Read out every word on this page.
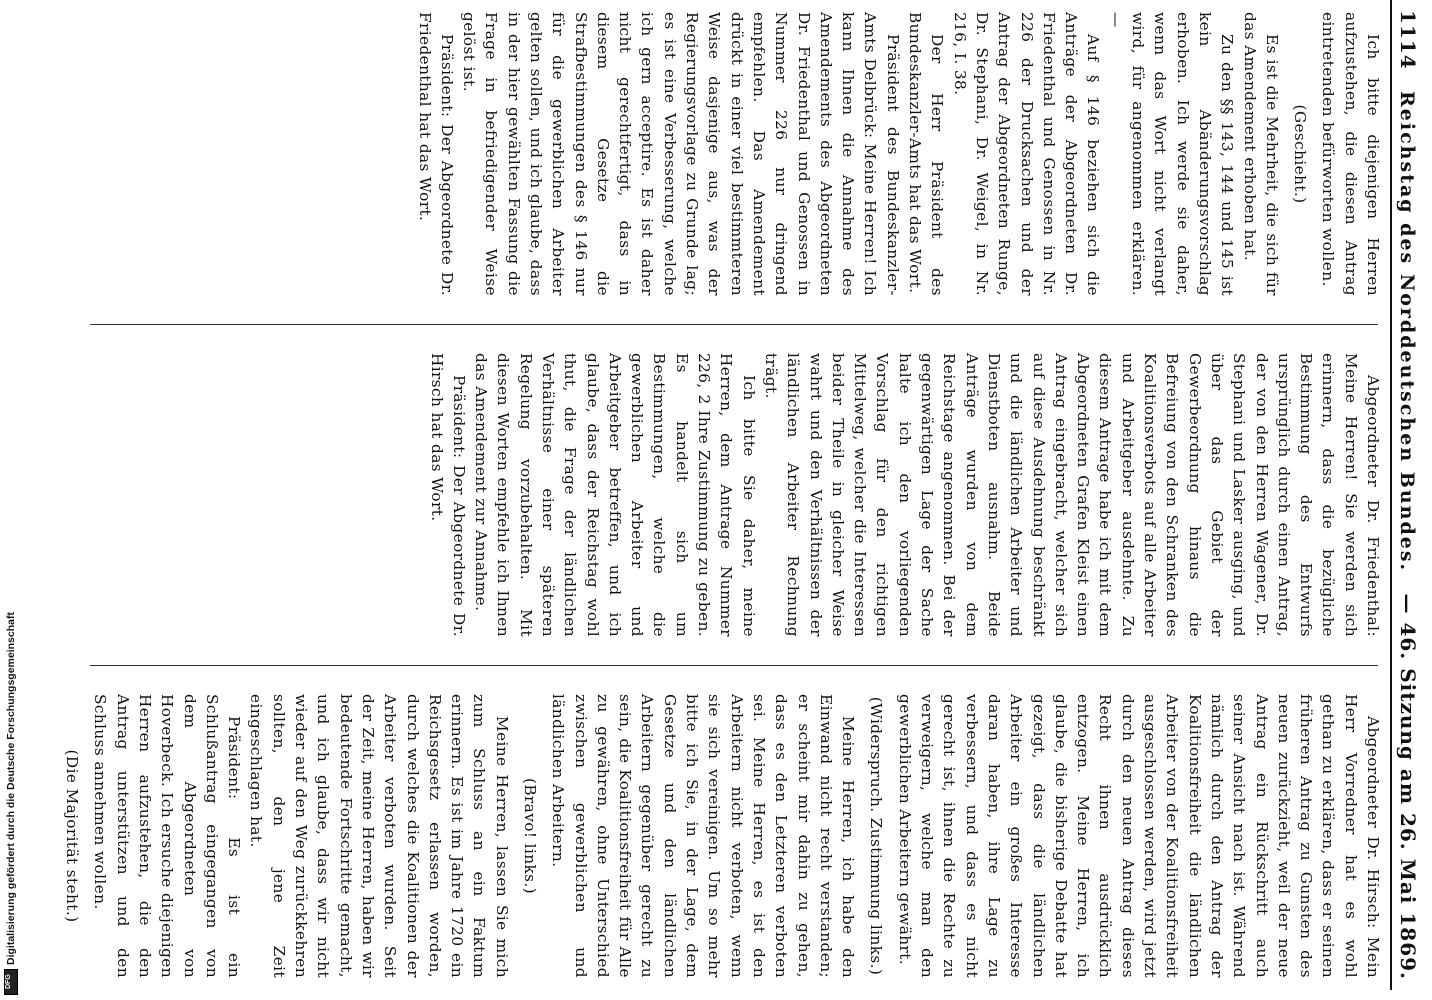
DFG
Digitalisierung gefördert durch die Deutsche Forschungsgemeinschaft
1114
Reichstag des Norddeutschen Bundes.
— 46. Sitzung am 26. Mai 1869.

Ich bitte diejenigen Herren aufzustehen, die diesen Antrag eintretenden befürworten wollen.

(Geschieht.)

Es ist die Mehrheit, die sich für das Amendement erhoben hat.

Zu den §§ 143, 144 und 145 ist kein Abänderungsvorschlag erhoben. Ich werde sie daher, wenn das Wort nicht verlangt wird, für angenommen erklären. —

Auf § 146 beziehen sich die Anträge der Abgeordneten Dr. Friedenthal und Genossen in Nr. 226 der Drucksachen und der Antrag der Abgeordneten Runge, Dr. Stephani, Dr. Weigel, in Nr. 216, I. 38.

Der Herr Präsident des Bundeskanzler-Amts hat das Wort.

Präsident des Bundeskanzler-Amts Delbrück: Meine Herren! Ich kann Ihnen die Annahme des Amendements des Abgeordneten Dr. Friedenthal und Genossen in Nummer 226 nur dringend empfehlen. Das Amendement drückt in einer viel bestimmteren Weise dasjenige aus, was der Regierungsvorlage zu Grunde lag; es ist eine Verbesserung, welche ich gern acceptire. Es ist daher nicht gerechtfertigt, dass in diesem Gesetze die Strafbestimmungen des § 146 nur für die gewerblichen Arbeiter gelten sollen, und ich glaube, dass in der hier gewählten Fassung die Frage in befriedigender Weise gelöst ist.

Präsident: Der Abgeordnete Dr. Friedenthal hat das Wort.

Abgeordneter Dr. Friedenthal: Meine Herren! Sie werden sich erinnern, dass die bezügliche Bestimmung des Entwurfs ursprünglich durch einen Antrag, der von den Herren Wagener, Dr. Stephani und Lasker ausging, und über das Gebiet der Gewerbeordnung hinaus die Befreiung von den Schranken des Koalitionsverbots auf alle Arbeiter und Arbeitgeber ausdehnte. Zu diesem Antrage habe ich mit dem Abgeordneten Grafen Kleist einen Antrag eingebracht, welcher sich auf diese Ausdehnung beschränkt und die ländlichen Arbeiter und Dienstboten ausnahm. Beide Anträge wurden von dem Reichstage angenommen. Bei der gegenwärtigen Lage der Sache halte ich den vorliegenden Vorschlag für den richtigen Mittelweg, welcher die Interessen beider Theile in gleicher Weise wahrt und den Verhältnissen der ländlichen Arbeiter Rechnung trägt.

Ich bitte Sie daher, meine Herren, dem Antrage Nummer 226, 2 Ihre Zustimmung zu geben. Es handelt sich um Bestimmungen, welche die gewerblichen Arbeiter und Arbeitgeber betreffen, und ich glaube, dass der Reichstag wohl thut, die Frage der ländlichen Verhältnisse einer späteren Regelung vorzubehalten. Mit diesen Worten empfehle ich Ihnen das Amendement zur Annahme.

Präsident: Der Abgeordnete Dr. Hirsch hat das Wort.

Abgeordneter Dr. Hirsch: Mein Herr Vorredner hat es wohl gethan zu erklären, dass er seinen früheren Antrag zu Gunsten des neuen zurückzieht, weil der neue Antrag ein Rückschritt auch seiner Ansicht nach ist. Während nämlich durch den Antrag der Koalitionsfreiheit die ländlichen Arbeiter von der Koalitionsfreiheit ausgeschlossen werden, wird jetzt durch den neuen Antrag dieses Recht ihnen ausdrücklich entzogen. Meine Herren, ich glaube, die bisherige Debatte hat gezeigt, dass die ländlichen Arbeiter ein großes Interesse daran haben, ihre Lage zu verbessern, und dass es nicht gerecht ist, ihnen die Rechte zu verweigern, welche man den gewerblichen Arbeitern gewährt.

(Widerspruch. Zustimmung links.)

Meine Herren, ich habe den Einwand nicht recht verstanden; er scheint mir dahin zu gehen, dass es den Letzteren verboten sei. Meine Herren, es ist den Arbeitern nicht verboten, wenn sie sich vereinigen. Um so mehr bitte ich Sie, in der Lage, dem Gesetze und den ländlichen Arbeitern gegenüber gerecht zu sein, die Koalitionsfreiheit für Alle zu gewähren, ohne Unterschied zwischen gewerblichen und ländlichen Arbeitern.

(Bravo! links.)

Meine Herren, lassen Sie mich zum Schluss an ein Faktum erinnern. Es ist im Jahre 1720 ein Reichsgesetz erlassen worden, durch welches die Koalitionen der Arbeiter verboten wurden. Seit der Zeit, meine Herren, haben wir bedeutende Fortschritte gemacht, und ich glaube, dass wir nicht wieder auf den Weg zurückkehren sollten, den jene Zeit eingeschlagen hat.

Präsident: Es ist ein Schlußantrag eingegangen von dem Abgeordneten von Hoverbeck. Ich ersuche diejenigen Herren aufzustehen, die den Antrag unterstützen und den Schluss annehmen wollen.

(Die Majorität steht.)
